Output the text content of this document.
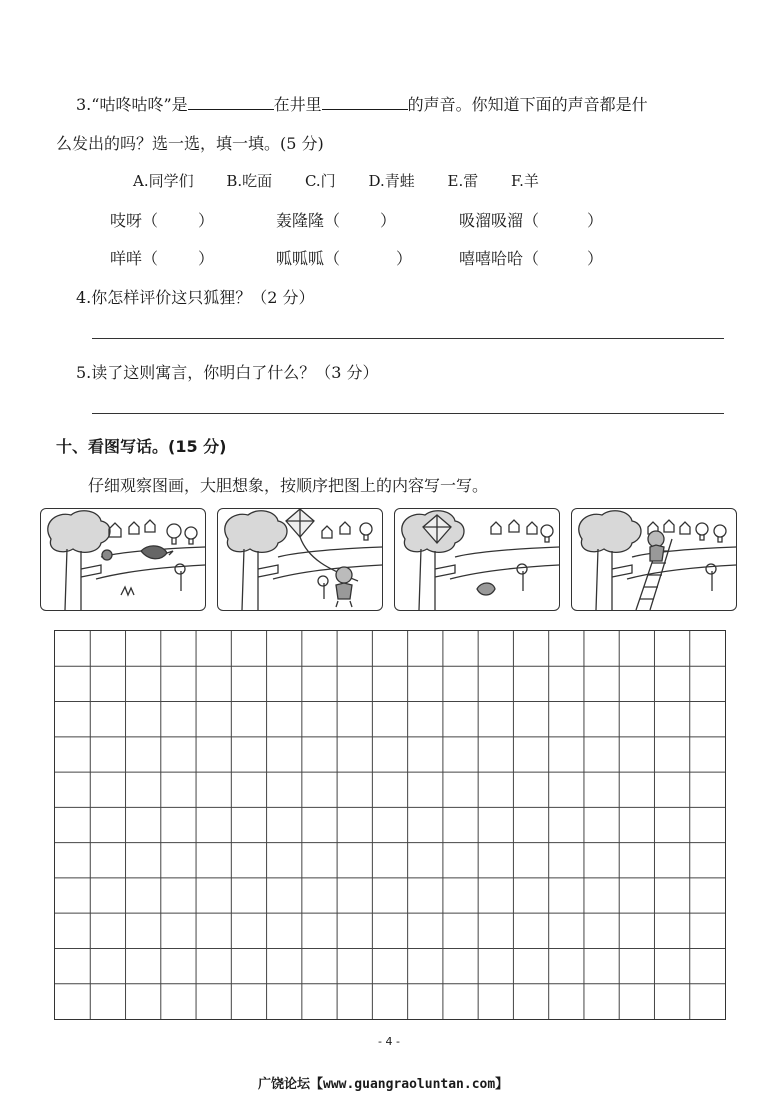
3.“咕咚咕咚”是	在井里	的声音。你知道下面的声音都是什
么发出的吗？选一选，填一填。(5 分)
A.同学们 B.吃面 C.门 D.青蛙 E.雷 F.羊
吱呀（	）	轰隆隆（	）	吸溜吸溜（	）
咩咩（	）	呱呱呱（	）	嘻嘻哈哈（	）
4.你怎样评价这只狐狸？（2 分）
5.读了这则寓言，你明白了什么？（3 分）
十、看图写话。(15 分)
仔细观察图画，大胆想象，按顺序把图上的内容写一写。
- 4 -
广饶论坛【www.guangraoluntan.com】
